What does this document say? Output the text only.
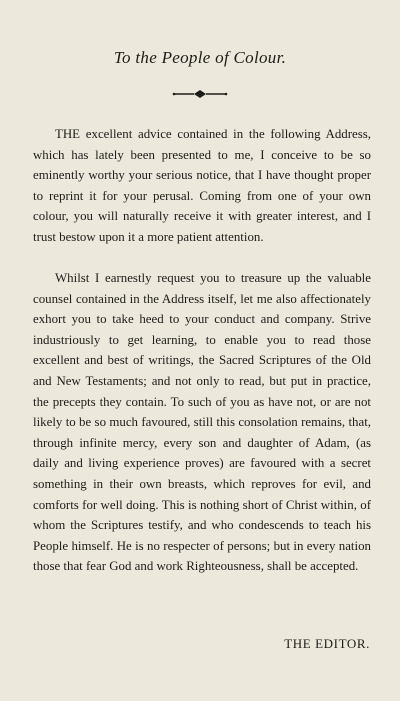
To the People of Colour.

THE excellent advice contained in the following Address, which has lately been presented to me, I conceive to be so eminently worthy your serious notice, that I have thought proper to reprint it for your perusal. Coming from one of your own colour, you will naturally receive it with greater interest, and I trust bestow upon it a more patient attention.

Whilst I earnestly request you to treasure up the valuable counsel contained in the Address itself, let me also affectionately exhort you to take heed to your conduct and company. Strive industriously to get learning, to enable you to read those excellent and best of writings, the Sacred Scriptures of the Old and New Testaments; and not only to read, but put in practice, the precepts they contain. To such of you as have not, or are not likely to be so much favoured, still this consolation remains, that, through infinite mercy, every son and daughter of Adam, (as daily and living experience proves) are favoured with a secret something in their own breasts, which reproves for evil, and comforts for well doing. This is nothing short of Christ within, of whom the Scriptures testify, and who condescends to teach his People himself. He is no respecter of persons; but in every nation those that fear God and work Righteousness, shall be accepted.

THE EDITOR.
